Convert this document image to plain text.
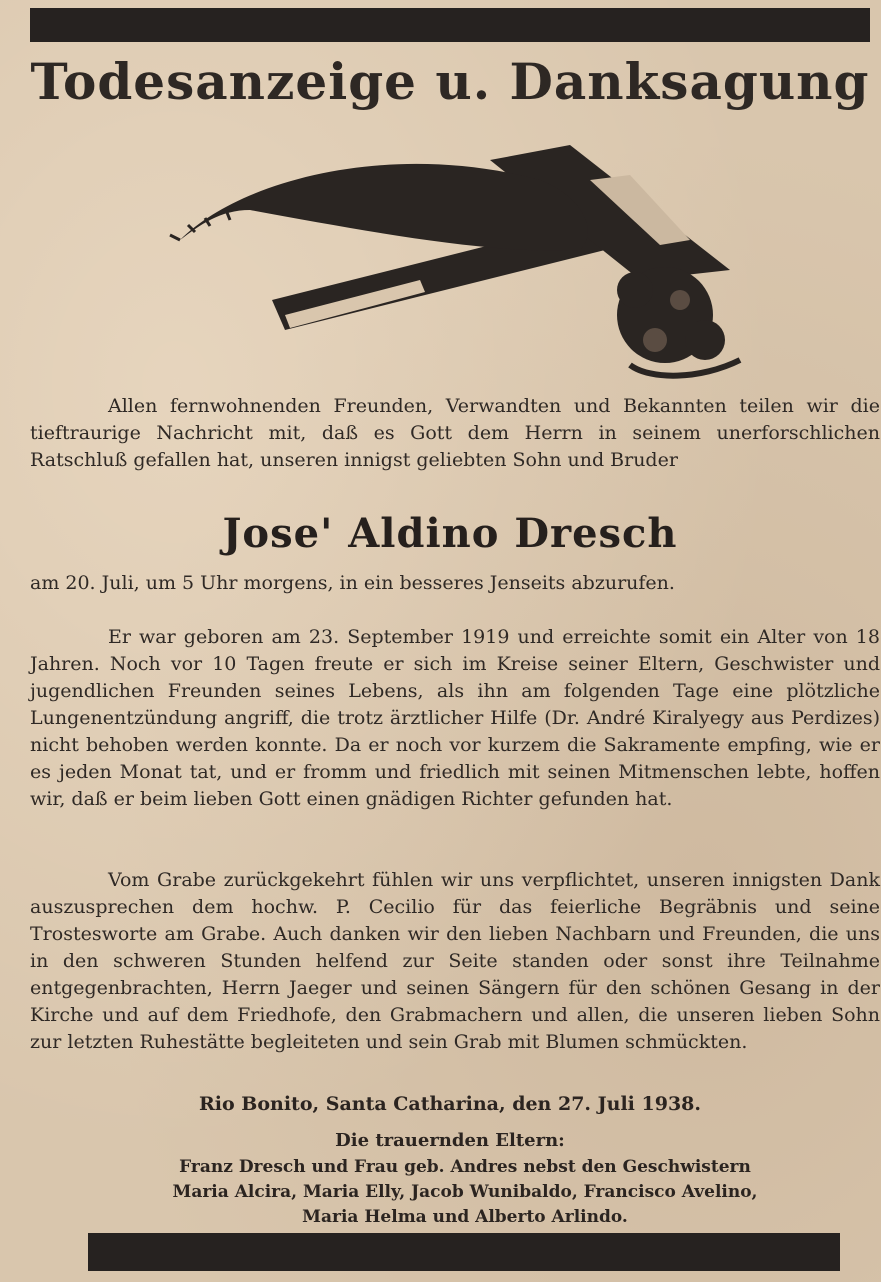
Todesanzeige u. Danksagung
Allen fernwohnenden Freunden, Verwandten und Bekannten teilen wir die tieftraurige Nachricht mit, daß es Gott dem Herrn in seinem unerforschlichen Ratschluß gefallen hat, unseren innigst geliebten Sohn und Bruder
Jose' Aldino Dresch
am 20. Juli, um 5 Uhr morgens, in ein besseres Jenseits abzurufen.
Er war geboren am 23. September 1919 und erreichte somit ein Alter von 18 Jahren. Noch vor 10 Tagen freute er sich im Kreise seiner Eltern, Geschwister und jugendlichen Freunden seines Lebens, als ihn am folgenden Tage eine plötzliche Lungenentzündung angriff, die trotz ärztlicher Hilfe (Dr. André Kiralyegy aus Perdizes) nicht behoben werden konnte. Da er noch vor kurzem die Sakramente empfing, wie er es jeden Monat tat, und er fromm und friedlich mit seinen Mitmenschen lebte, hoffen wir, daß er beim lieben Gott einen gnädigen Richter gefunden hat.
Vom Grabe zurückgekehrt fühlen wir uns verpflichtet, unseren innigsten Dank auszusprechen dem hochw. P. Cecilio für das feierliche Begräbnis und seine Trostesworte am Grabe. Auch danken wir den lieben Nachbarn und Freunden, die uns in den schweren Stunden helfend zur Seite standen oder sonst ihre Teilnahme entgegenbrachten, Herrn Jaeger und seinen Sängern für den schönen Gesang in der Kirche und auf dem Friedhofe, den Grabmachern und allen, die unseren lieben Sohn zur letzten Ruhestätte begleiteten und sein Grab mit Blumen schmückten.
Rio Bonito, Santa Catharina, den 27. Juli 1938.
Die trauernden Eltern:
Franz Dresch und Frau geb. Andres nebst den Geschwistern
Maria Alcira, Maria Elly, Jacob Wunibaldo, Francisco Avelino,
Maria Helma und Alberto Arlindo.
